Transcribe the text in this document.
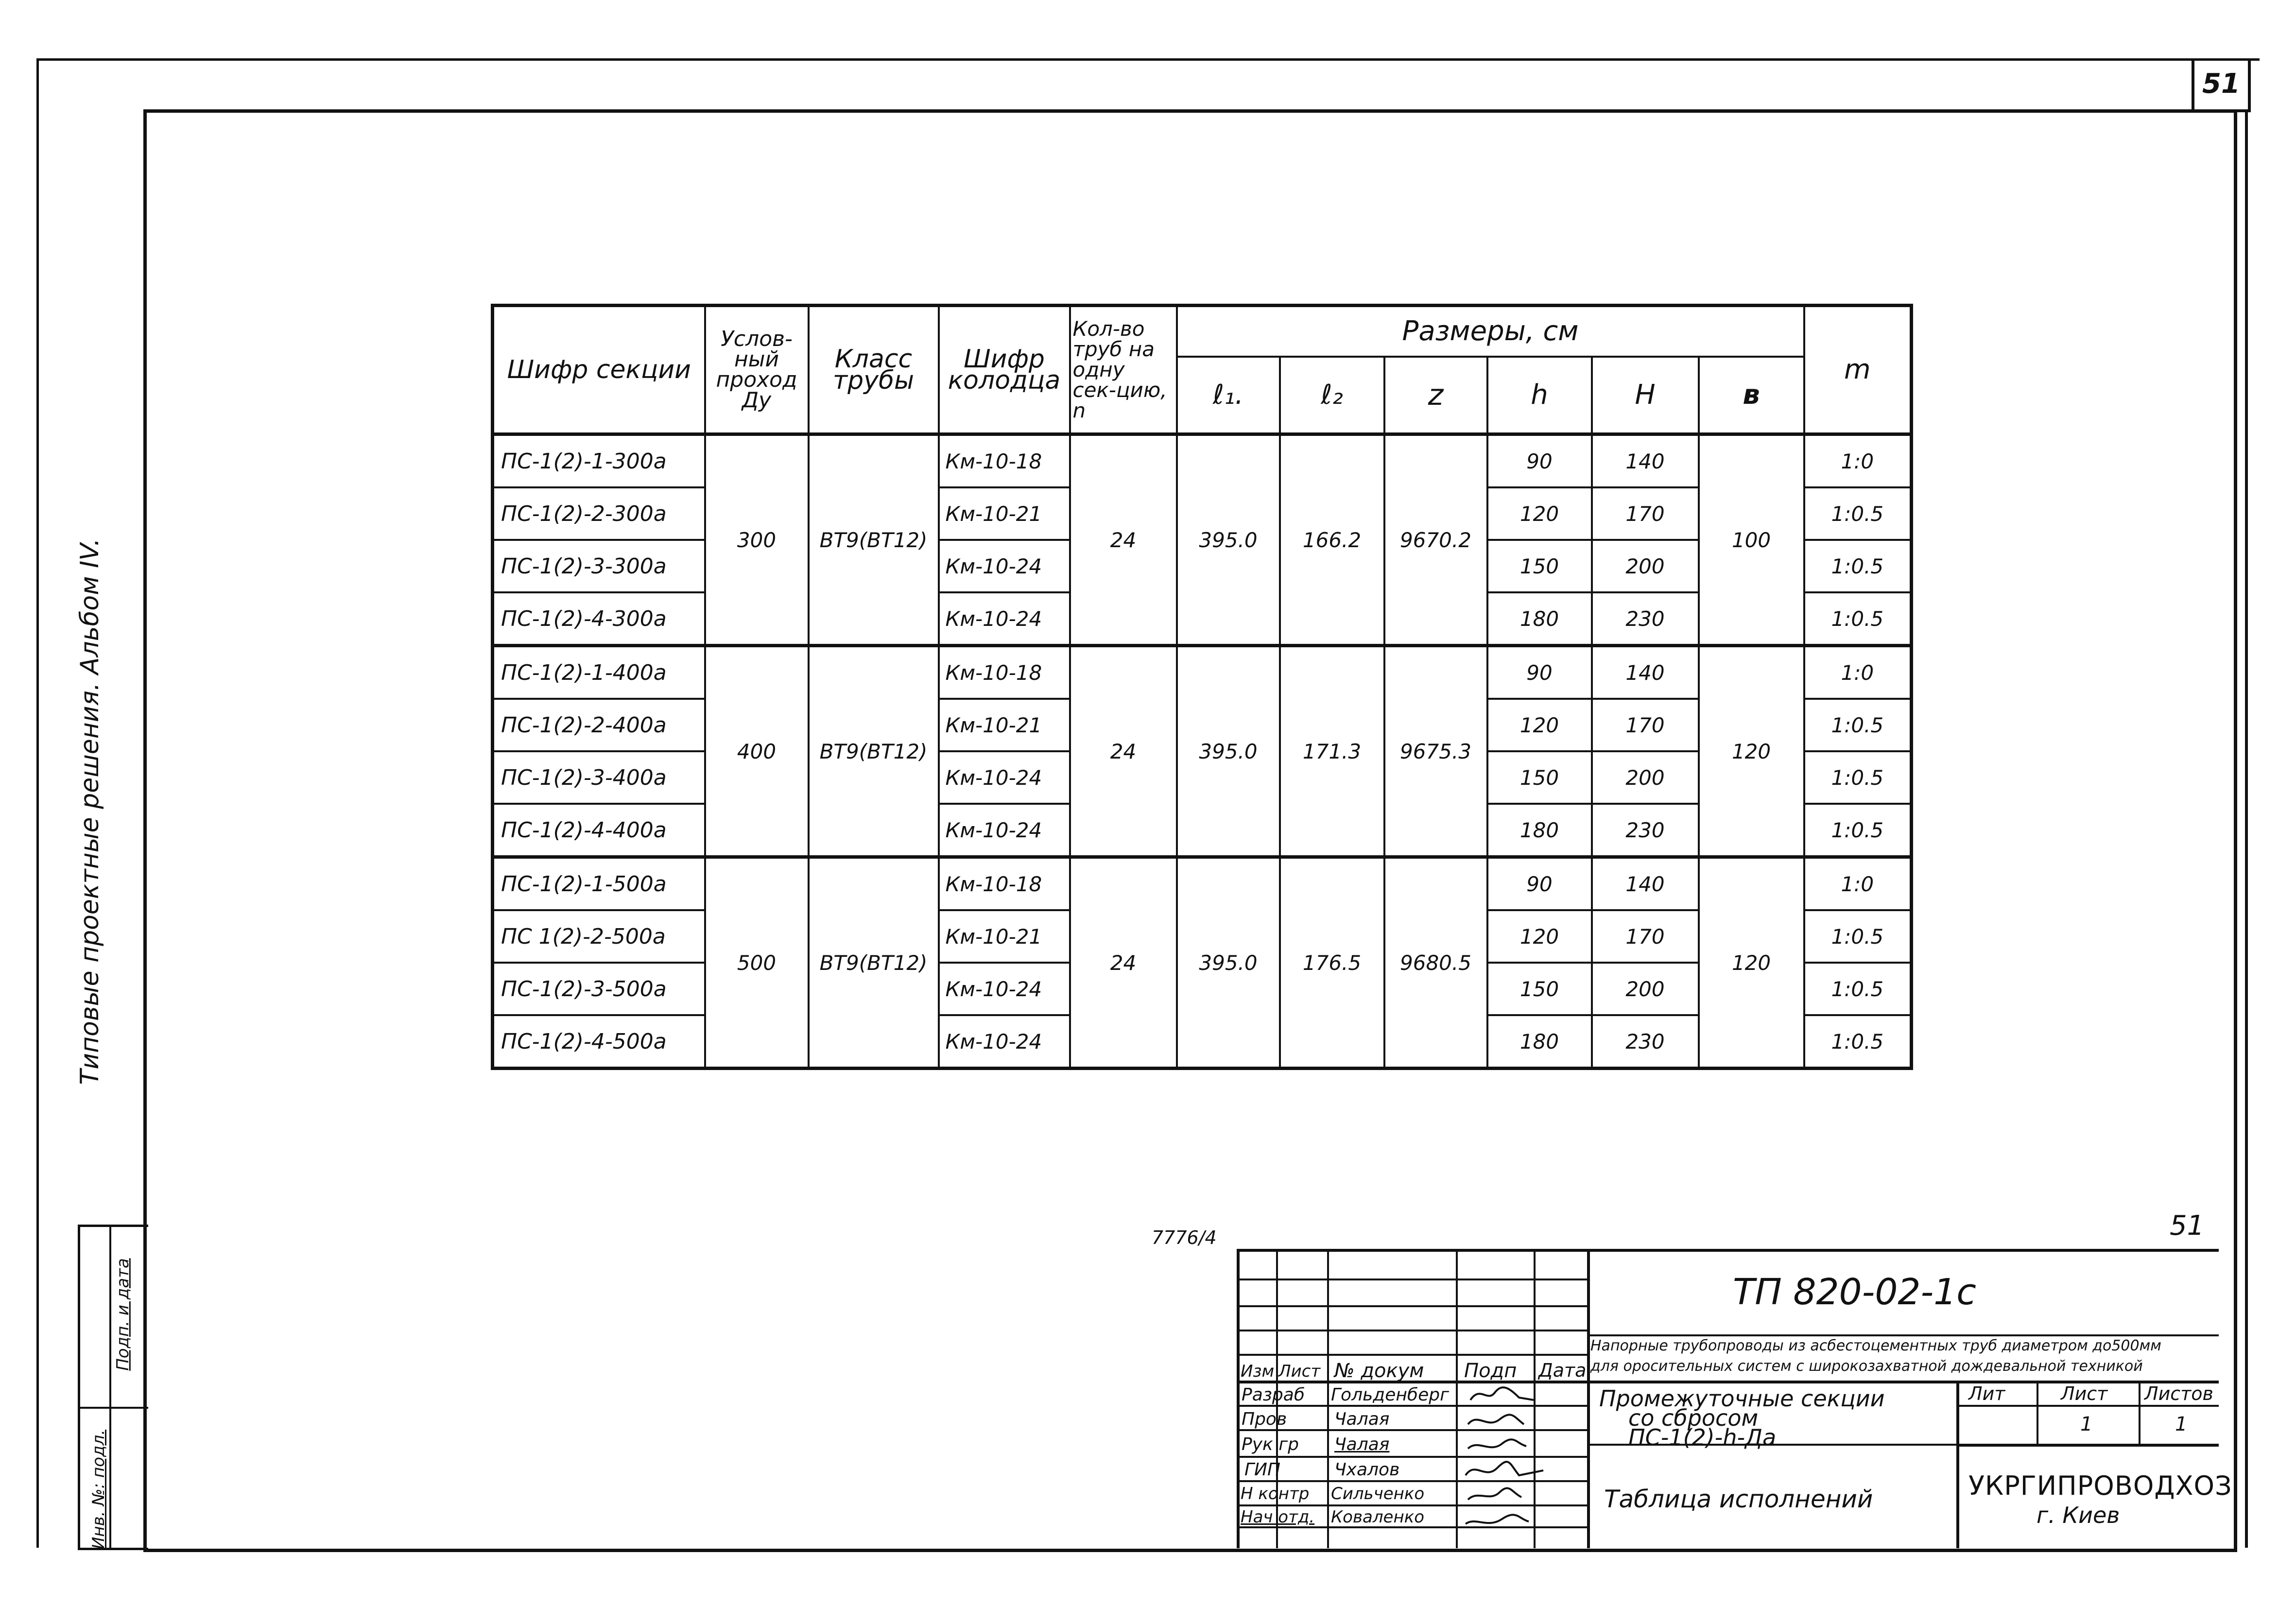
51
Типовые проектные решения. Альбом IV.
Инв. №: подл.
Подп. и дата
Шифр секции	Услов-ный проход Ду	Класс трубы	Шифр колодца	Кол-во труб на одну сек-цию, n	Размеры, см						m
					ℓ₁.	ℓ₂	z	h	H	в	
ПС-1(2)-1-300а	300	ВТ9(ВТ12)	Км-10-18	24	395.0	166.2	9670.2	90	140	100	1:0
ПС-1(2)-2-300а			Км-10-21					120	170		1:0.5
ПС-1(2)-3-300а			Км-10-24					150	200		1:0.5
ПС-1(2)-4-300а			Км-10-24					180	230		1:0.5
ПС-1(2)-1-400а	400	ВТ9(ВТ12)	Км-10-18	24	395.0	171.3	9675.3	90	140	120	1:0
ПС-1(2)-2-400а			Км-10-21					120	170		1:0.5
ПС-1(2)-3-400а			Км-10-24					150	200		1:0.5
ПС-1(2)-4-400а			Км-10-24					180	230		1:0.5
ПС-1(2)-1-500а	500	ВТ9(ВТ12)	Км-10-18	24	395.0	176.5	9680.5	90	140	120	1:0
ПС 1(2)-2-500а			Км-10-21					120	170		1:0.5
ПС-1(2)-3-500а			Км-10-24					150	200		1:0.5
ПС-1(2)-4-500а			Км-10-24					180	230		1:0.5
7776/4	51
ТП 820-02-1с
Напорные трубопроводы из асбестоцементных труб диаметром до500мм
для оросительных систем с широкозахватной дождевальной техникой
Изм Лист № докум Подп Дата
Разраб Гольденберг
Пров	Чалая
Рук гр Чалая
ГИП	Чхалов
Н контр Сильченко
Нач отд. Коваленко
Промежуточные секции
со сбросом
ПС-1(2)-h-Да
Таблица исполнений
Лит	Лист Листов
1	1
УКРГИПРОВОДХОЗ
г. Киев
